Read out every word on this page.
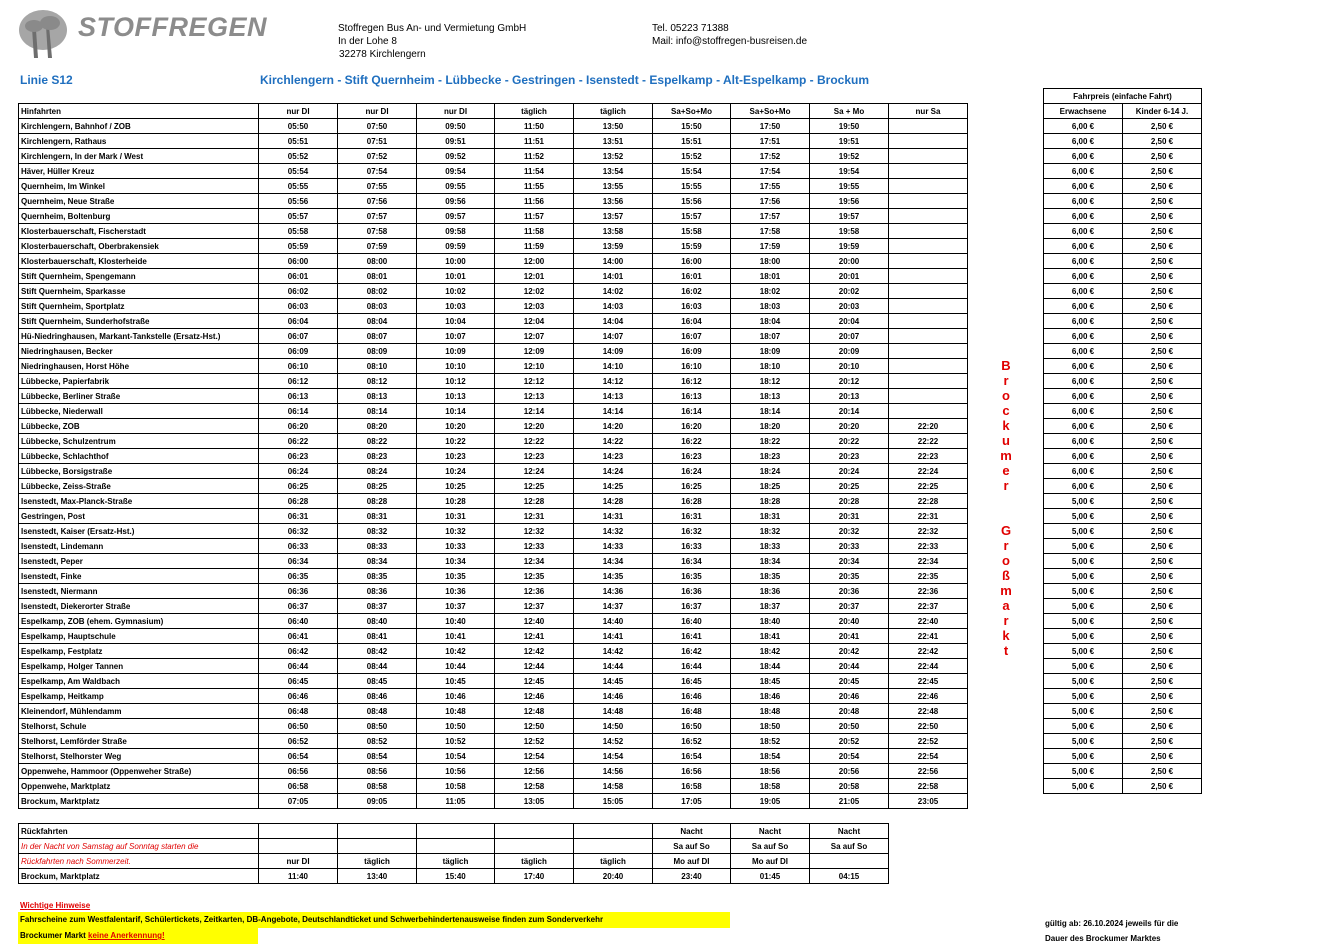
STOFFREGEN	Stoffregen Bus An- und Vermietung GmbH
In der Lohe 8
32278 Kirchlengern
Tel. 05223 71388
Mail: info@stoffregen-busreisen.de
Linie S12	Kirchlengern - Stift Quernheim - Lübbecke - Gestringen - Isenstedt - Espelkamp - Alt-Espelkamp - Brockum
Hinfahrten	nur DI	nur DI	nur DI	täglich	täglich	Sa+So+Mo	Sa+So+Mo	Sa + Mo	nur Sa
Kirchlengern, Bahnhof / ZOB	05:50	07:50	09:50	11:50	13:50	15:50	17:50	19:50	
Kirchlengern, Rathaus	05:51	07:51	09:51	11:51	13:51	15:51	17:51	19:51	
Kirchlengern, In der Mark / West	05:52	07:52	09:52	11:52	13:52	15:52	17:52	19:52	
Häver, Hüller Kreuz	05:54	07:54	09:54	11:54	13:54	15:54	17:54	19:54	
Quernheim, Im Winkel	05:55	07:55	09:55	11:55	13:55	15:55	17:55	19:55	
Quernheim, Neue Straße	05:56	07:56	09:56	11:56	13:56	15:56	17:56	19:56	
Quernheim, Boltenburg	05:57	07:57	09:57	11:57	13:57	15:57	17:57	19:57	
Klosterbauerschaft, Fischerstadt	05:58	07:58	09:58	11:58	13:58	15:58	17:58	19:58	
Klosterbauerschaft, Oberbrakensiek	05:59	07:59	09:59	11:59	13:59	15:59	17:59	19:59	
Klosterbauerschaft, Klosterheide	06:00	08:00	10:00	12:00	14:00	16:00	18:00	20:00	
Stift Quernheim, Spengemann	06:01	08:01	10:01	12:01	14:01	16:01	18:01	20:01	
Stift Quernheim, Sparkasse	06:02	08:02	10:02	12:02	14:02	16:02	18:02	20:02	
Stift Quernheim, Sportplatz	06:03	08:03	10:03	12:03	14:03	16:03	18:03	20:03	
Stift Quernheim, Sunderhofstraße	06:04	08:04	10:04	12:04	14:04	16:04	18:04	20:04	
Hü-Niedringhausen, Markant-Tankstelle (Ersatz-Hst.)	06:07	08:07	10:07	12:07	14:07	16:07	18:07	20:07	
Niedringhausen, Becker	06:09	08:09	10:09	12:09	14:09	16:09	18:09	20:09	
Niedringhausen, Horst Höhe	06:10	08:10	10:10	12:10	14:10	16:10	18:10	20:10	
Lübbecke, Papierfabrik	06:12	08:12	10:12	12:12	14:12	16:12	18:12	20:12	
Lübbecke, Berliner Straße	06:13	08:13	10:13	12:13	14:13	16:13	18:13	20:13	
Lübbecke, Niederwall	06:14	08:14	10:14	12:14	14:14	16:14	18:14	20:14	
Lübbecke, ZOB	06:20	08:20	10:20	12:20	14:20	16:20	18:20	20:20	22:20
Lübbecke, Schulzentrum	06:22	08:22	10:22	12:22	14:22	16:22	18:22	20:22	22:22
Lübbecke, Schlachthof	06:23	08:23	10:23	12:23	14:23	16:23	18:23	20:23	22:23
Lübbecke, Borsigstraße	06:24	08:24	10:24	12:24	14:24	16:24	18:24	20:24	22:24
Lübbecke, Zeiss-Straße	06:25	08:25	10:25	12:25	14:25	16:25	18:25	20:25	22:25
Isenstedt, Max-Planck-Straße	06:28	08:28	10:28	12:28	14:28	16:28	18:28	20:28	22:28
Gestringen, Post	06:31	08:31	10:31	12:31	14:31	16:31	18:31	20:31	22:31
Isenstedt, Kaiser (Ersatz-Hst.)	06:32	08:32	10:32	12:32	14:32	16:32	18:32	20:32	22:32
Isenstedt, Lindemann	06:33	08:33	10:33	12:33	14:33	16:33	18:33	20:33	22:33
Isenstedt, Peper	06:34	08:34	10:34	12:34	14:34	16:34	18:34	20:34	22:34
Isenstedt, Finke	06:35	08:35	10:35	12:35	14:35	16:35	18:35	20:35	22:35
Isenstedt, Niermann	06:36	08:36	10:36	12:36	14:36	16:36	18:36	20:36	22:36
Isenstedt, Diekerorter Straße	06:37	08:37	10:37	12:37	14:37	16:37	18:37	20:37	22:37
Espelkamp, ZOB (ehem. Gymnasium)	06:40	08:40	10:40	12:40	14:40	16:40	18:40	20:40	22:40
Espelkamp, Hauptschule	06:41	08:41	10:41	12:41	14:41	16:41	18:41	20:41	22:41
Espelkamp, Festplatz	06:42	08:42	10:42	12:42	14:42	16:42	18:42	20:42	22:42
Espelkamp, Holger Tannen	06:44	08:44	10:44	12:44	14:44	16:44	18:44	20:44	22:44
Espelkamp, Am Waldbach	06:45	08:45	10:45	12:45	14:45	16:45	18:45	20:45	22:45
Espelkamp, Heitkamp	06:46	08:46	10:46	12:46	14:46	16:46	18:46	20:46	22:46
Kleinendorf, Mühlendamm	06:48	08:48	10:48	12:48	14:48	16:48	18:48	20:48	22:48
Stelhorst, Schule	06:50	08:50	10:50	12:50	14:50	16:50	18:50	20:50	22:50
Stelhorst, Lemförder Straße	06:52	08:52	10:52	12:52	14:52	16:52	18:52	20:52	22:52
Stelhorst, Stelhorster Weg	06:54	08:54	10:54	12:54	14:54	16:54	18:54	20:54	22:54
Oppenwehe, Hammoor (Oppenweher Straße)	06:56	08:56	10:56	12:56	14:56	16:56	18:56	20:56	22:56
Oppenwehe, Marktplatz	06:58	08:58	10:58	12:58	14:58	16:58	18:58	20:58	22:58
Brockum, Marktplatz	07:05	09:05	11:05	13:05	15:05	17:05	19:05	21:05	23:05
Fahrpreis (einfache Fahrt)	
Erwachsene	Kinder 6-14 J.
6,00 €	2,50 €
6,00 €	2,50 €
6,00 €	2,50 €
6,00 €	2,50 €
6,00 €	2,50 €
6,00 €	2,50 €
6,00 €	2,50 €
6,00 €	2,50 €
6,00 €	2,50 €
6,00 €	2,50 €
6,00 €	2,50 €
6,00 €	2,50 €
6,00 €	2,50 €
6,00 €	2,50 €
6,00 €	2,50 €
6,00 €	2,50 €
6,00 €	2,50 €
6,00 €	2,50 €
6,00 €	2,50 €
6,00 €	2,50 €
6,00 €	2,50 €
6,00 €	2,50 €
6,00 €	2,50 €
6,00 €	2,50 €
6,00 €	2,50 €
5,00 €	2,50 €
5,00 €	2,50 €
5,00 €	2,50 €
5,00 €	2,50 €
5,00 €	2,50 €
5,00 €	2,50 €
5,00 €	2,50 €
5,00 €	2,50 €
5,00 €	2,50 €
5,00 €	2,50 €
5,00 €	2,50 €
5,00 €	2,50 €
5,00 €	2,50 €
5,00 €	2,50 €
5,00 €	2,50 €
5,00 €	2,50 €
5,00 €	2,50 €
5,00 €	2,50 €
5,00 €	2,50 €
5,00 €	2,50 €
B
r
o
c
k
u
m
e
r
G
r
o
ß
m
a
r
k
t
Rückfahrten						Nacht	Nacht	Nacht
In der Nacht von Samstag auf Sonntag starten die						Sa auf So	Sa auf So	Sa auf So
Rückfahrten nach Sommerzeit.	nur DI	täglich	täglich	täglich	täglich	Mo auf DI	Mo auf DI	
Brockum, Marktplatz	11:40	13:40	15:40	17:40	20:40	23:40	01:45	04:15
Wichtige Hinweise
Fahrscheine zum Westfalentarif, Schülertickets, Zeitkarten, DB-Angebote, Deutschlandticket und Schwerbehindertenausweise finden zum Sonderverkehr
Brockumer Markt keine Anerkennung!
gültig ab: 26.10.2024 jeweils für die
Dauer des Brockumer Marktes
